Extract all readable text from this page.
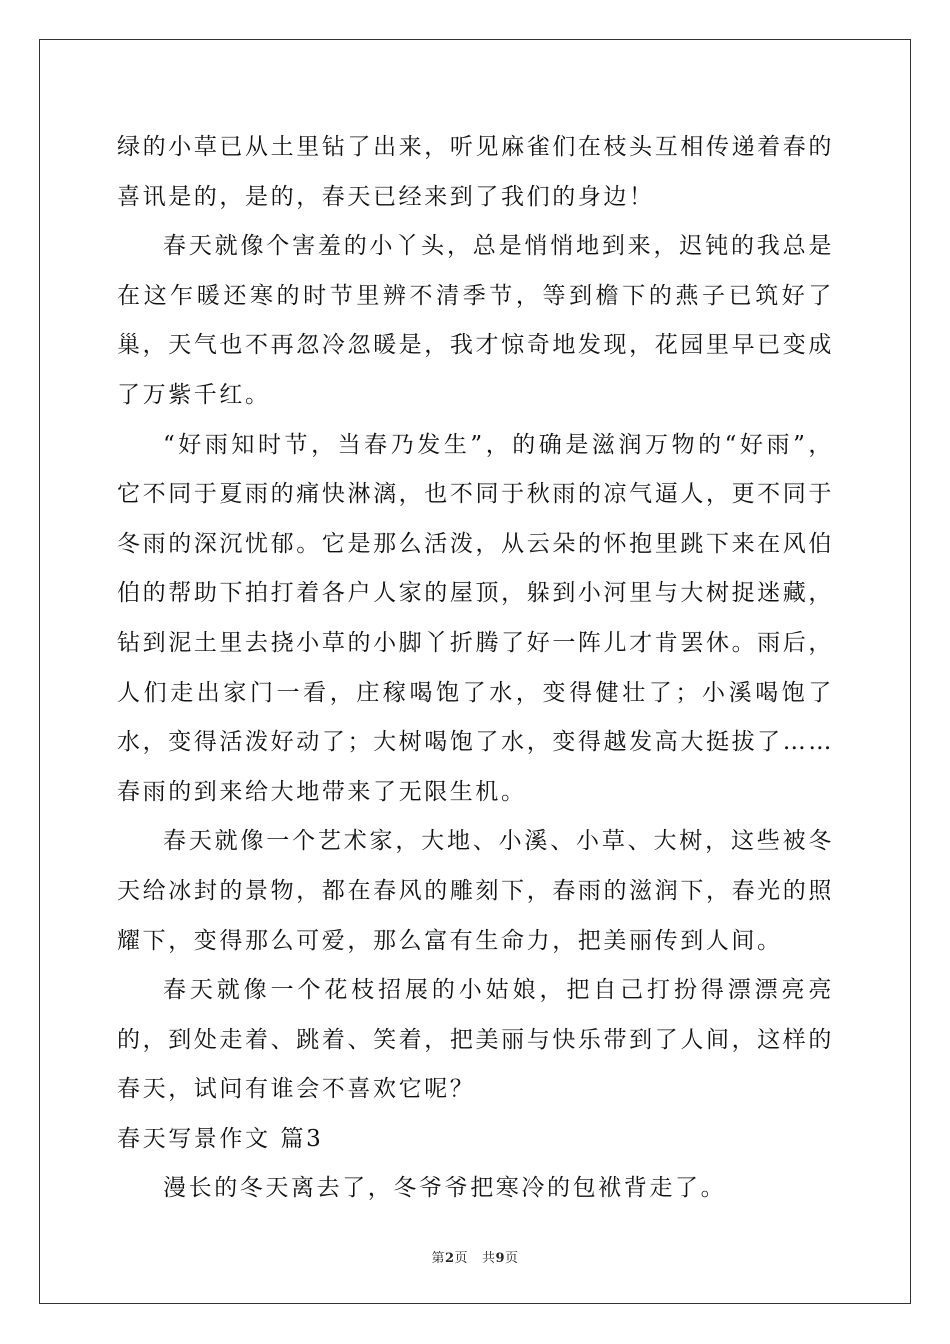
绿的小草已从土里钻了出来，听见麻雀们在枝头互相传递着春的喜讯是的，是的，春天已经来到了我们的身边！

春天就像个害羞的小丫头，总是悄悄地到来，迟钝的我总是在这乍暖还寒的时节里辨不清季节，等到檐下的燕子已筑好了巢，天气也不再忽冷忽暖是，我才惊奇地发现，花园里早已变成了万紫千红。

“好雨知时节，当春乃发生”，的确是滋润万物的“好雨”，它不同于夏雨的痛快淋漓，也不同于秋雨的凉气逼人，更不同于冬雨的深沉忧郁。它是那么活泼，从云朵的怀抱里跳下来在风伯伯的帮助下拍打着各户人家的屋顶，躲到小河里与大树捉迷藏，钻到泥土里去挠小草的小脚丫折腾了好一阵儿才肯罢休。雨后，人们走出家门一看，庄稼喝饱了水，变得健壮了；小溪喝饱了水，变得活泼好动了；大树喝饱了水，变得越发高大挺拔了……春雨的到来给大地带来了无限生机。

春天就像一个艺术家，大地、小溪、小草、大树，这些被冬天给冰封的景物，都在春风的雕刻下，春雨的滋润下，春光的照耀下，变得那么可爱，那么富有生命力，把美丽传到人间。

春天就像一个花枝招展的小姑娘，把自己打扮得漂漂亮亮的，到处走着、跳着、笑着，把美丽与快乐带到了人间，这样的春天，试问有谁会不喜欢它呢？

春天写景作文 篇3

漫长的冬天离去了，冬爷爷把寒冷的包袱背走了。

第2页 共9页
